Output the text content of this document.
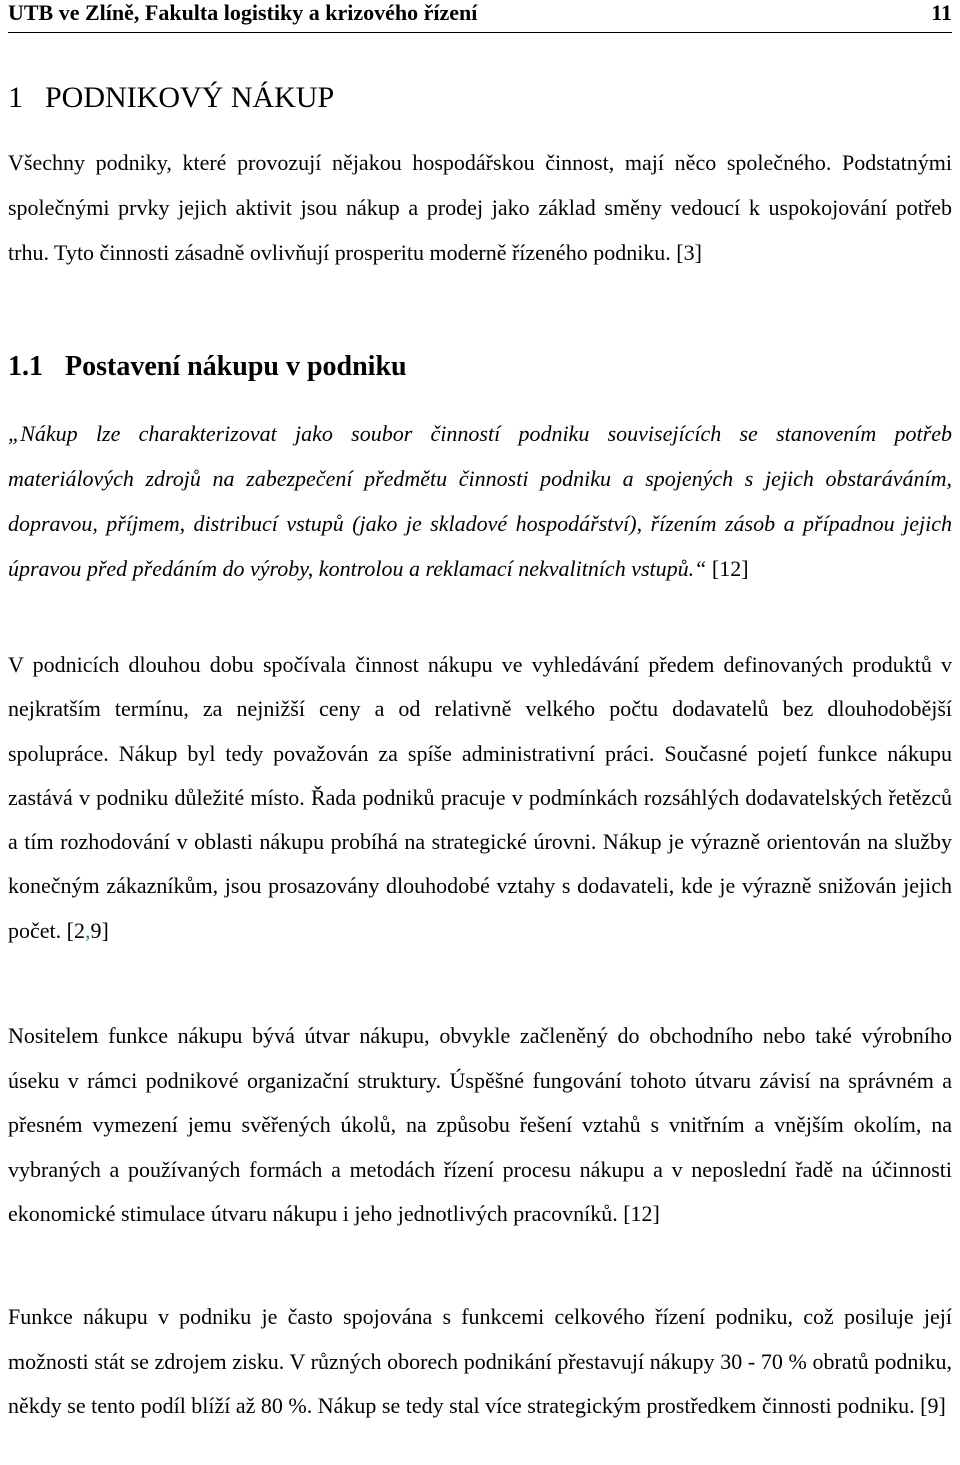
UTB ve Zlíně, Fakulta logistiky a krizového řízení	11
1 PODNIKOVÝ NÁKUP

Všechny podniky, které provozují nějakou hospodářskou činnost, mají něco společného. Podstatnými společnými prvky jejich aktivit jsou nákup a prodej jako základ směny vedoucí k uspokojování potřeb trhu. Tyto činnosti zásadně ovlivňují prosperitu moderně řízeného podniku. [3]

1.1 Postavení nákupu v podniku

„Nákup lze charakterizovat jako soubor činností podniku souvisejících se stanovením potřeb materiálových zdrojů na zabezpečení předmětu činnosti podniku a spojených s jejich obstaráváním, dopravou, příjmem, distribucí vstupů (jako je skladové hospodářství), řízením zásob a případnou jejich úpravou před předáním do výroby, kontrolou a reklamací nekvalitních vstupů.“ [12]

V podnicích dlouhou dobu spočívala činnost nákupu ve vyhledávání předem definovaných produktů v nejkratším termínu, za nejnižší ceny a od relativně velkého počtu dodavatelů bez dlouhodobější spolupráce. Nákup byl tedy považován za spíše administrativní práci. Současné pojetí funkce nákupu zastává v podniku důležité místo. Řada podniků pracuje v podmínkách rozsáhlých dodavatelských řetězců a tím rozhodování v oblasti nákupu probíhá na strategické úrovni. Nákup je výrazně orientován na služby konečným zákazníkům, jsou prosazovány dlouhodobé vztahy s dodavateli, kde je výrazně snižován jejich počet. [2,9]

Nositelem funkce nákupu bývá útvar nákupu, obvykle začleněný do obchodního nebo také výrobního úseku v rámci podnikové organizační struktury. Úspěšné fungování tohoto útvaru závisí na správném a přesném vymezení jemu svěřených úkolů, na způsobu řešení vztahů s vnitřním a vnějším okolím, na vybraných a používaných formách a metodách řízení procesu nákupu a v neposlední řadě na účinnosti ekonomické stimulace útvaru nákupu i jeho jednotlivých pracovníků. [12]

Funkce nákupu v podniku je často spojována s funkcemi celkového řízení podniku, což posiluje její možnosti stát se zdrojem zisku. V různých oborech podnikání přestavují nákupy 30 - 70 % obratů podniku, někdy se tento podíl blíží až 80 %. Nákup se tedy stal více strategickým prostředkem činnosti podniku. [9]
